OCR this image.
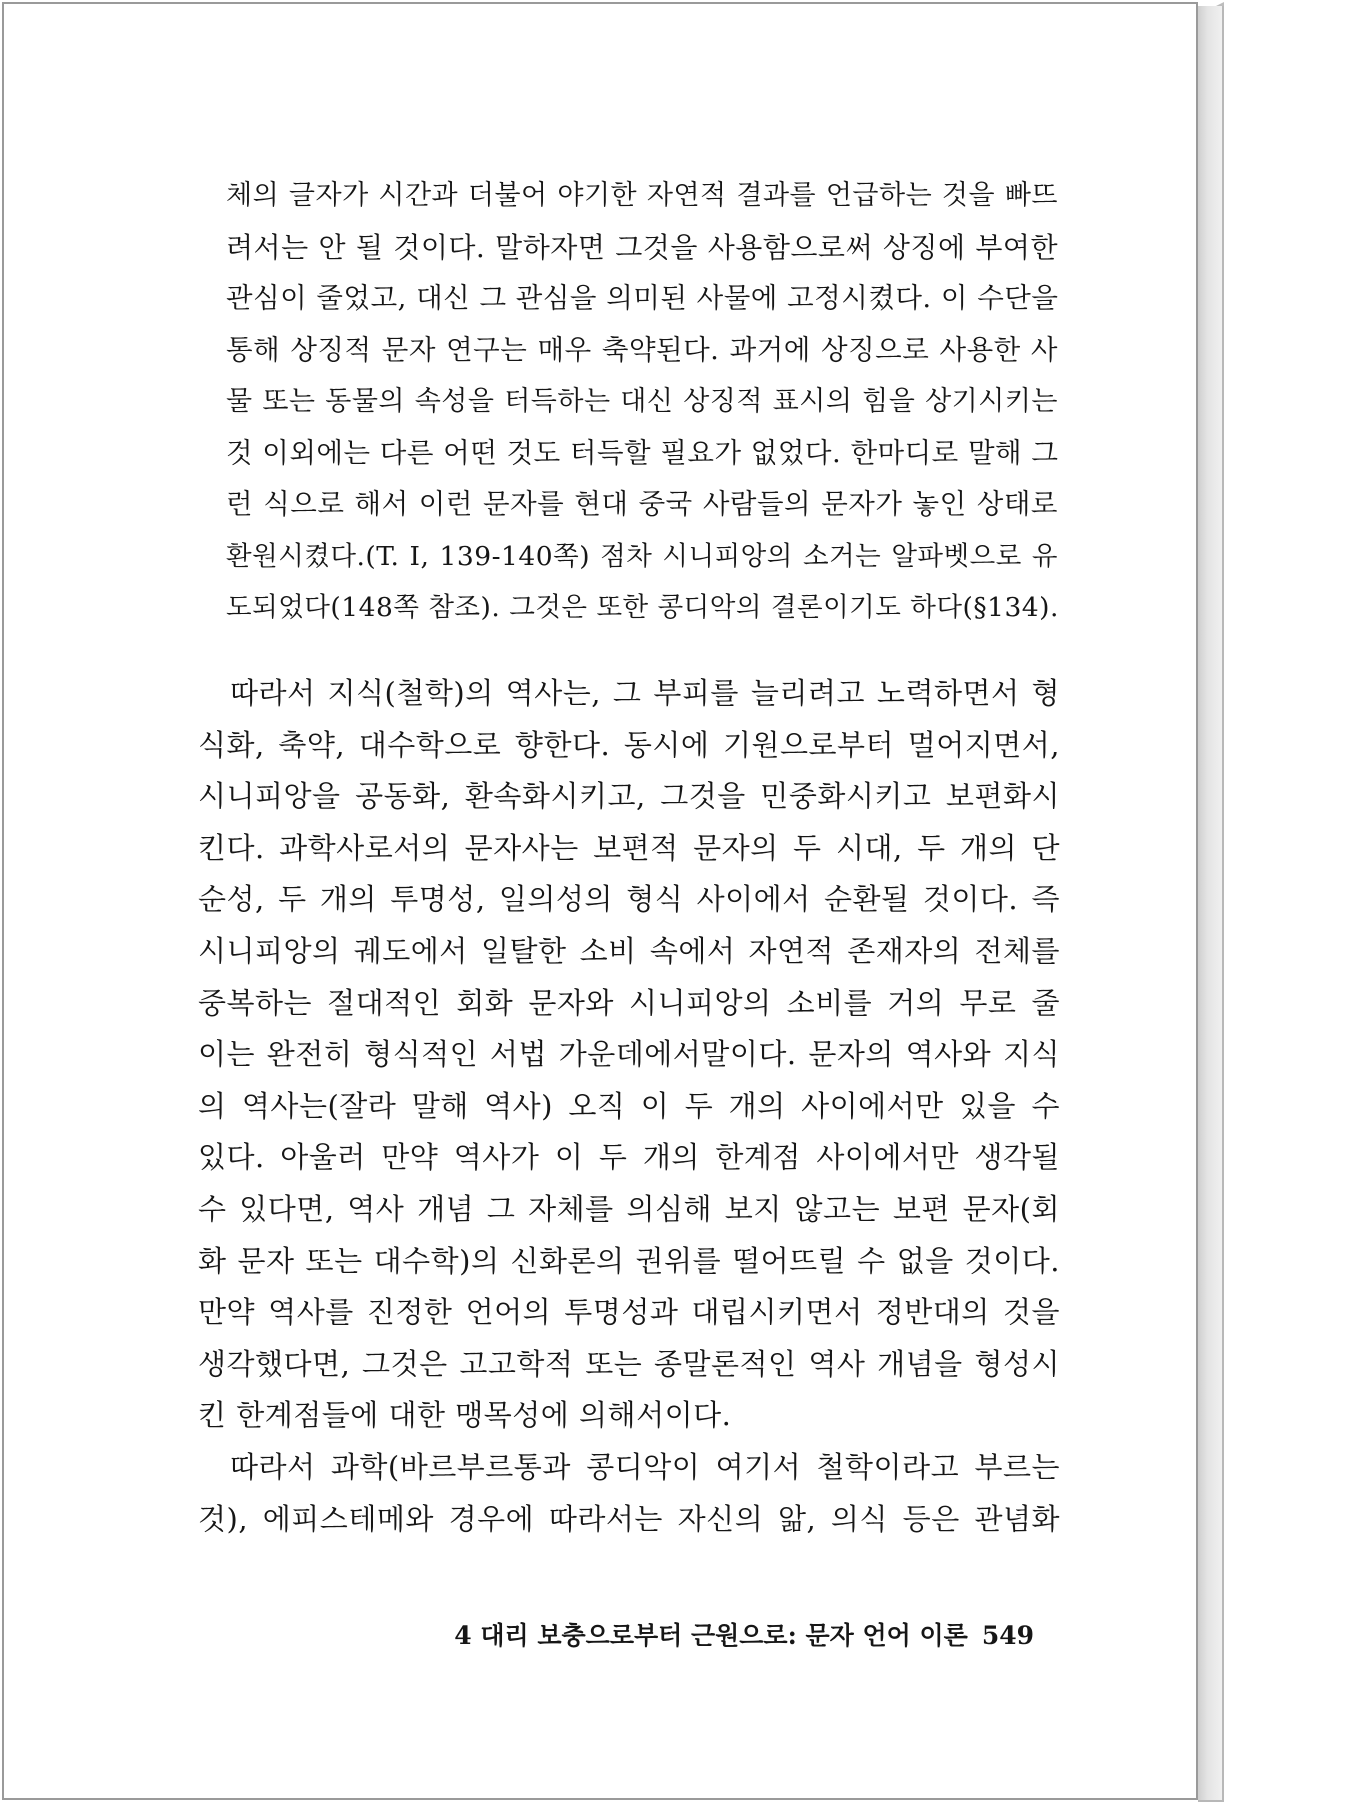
체의 글자가 시간과 더불어 야기한 자연적 결과를 언급하는 것을 빠뜨
려서는 안 될 것이다. 말하자면 그것을 사용함으로써 상징에 부여한
관심이 줄었고, 대신 그 관심을 의미된 사물에 고정시켰다. 이 수단을
통해 상징적 문자 연구는 매우 축약된다. 과거에 상징으로 사용한 사
물 또는 동물의 속성을 터득하는 대신 상징적 표시의 힘을 상기시키는
것 이외에는 다른 어떤 것도 터득할 필요가 없었다. 한마디로 말해 그
런 식으로 해서 이런 문자를 현대 중국 사람들의 문자가 놓인 상태로
환원시켰다.(T. I, 139-140쪽) 점차 시니피앙의 소거는 알파벳으로 유
도되었다(148쪽 참조). 그것은 또한 콩디악의 결론이기도 하다(§134).
따라서 지식(철학)의 역사는, 그 부피를 늘리려고 노력하면서 형
식화, 축약, 대수학으로 향한다. 동시에 기원으로부터 멀어지면서,
시니피앙을 공동화, 환속화시키고, 그것을 민중화시키고 보편화시
킨다. 과학사로서의 문자사는 보편적 문자의 두 시대, 두 개의 단
순성, 두 개의 투명성, 일의성의 형식 사이에서 순환될 것이다. 즉
시니피앙의 궤도에서 일탈한 소비 속에서 자연적 존재자의 전체를
중복하는 절대적인 회화 문자와 시니피앙의 소비를 거의 무로 줄
이는 완전히 형식적인 서법 가운데에서말이다. 문자의 역사와 지식
의 역사는(잘라 말해 역사) 오직 이 두 개의 사이에서만 있을 수
있다. 아울러 만약 역사가 이 두 개의 한계점 사이에서만 생각될
수 있다면, 역사 개념 그 자체를 의심해 보지 않고는 보편 문자(회
화 문자 또는 대수학)의 신화론의 권위를 떨어뜨릴 수 없을 것이다.
만약 역사를 진정한 언어의 투명성과 대립시키면서 정반대의 것을
생각했다면, 그것은 고고학적 또는 종말론적인 역사 개념을 형성시
킨 한계점들에 대한 맹목성에 의해서이다.
따라서 과학(바르부르통과 콩디악이 여기서 철학이라고 부르는
것), 에피스테메와 경우에 따라서는 자신의 앎, 의식 등은 관념화
4 대리 보충으로부터 근원으로: 문자 언어 이론 549
